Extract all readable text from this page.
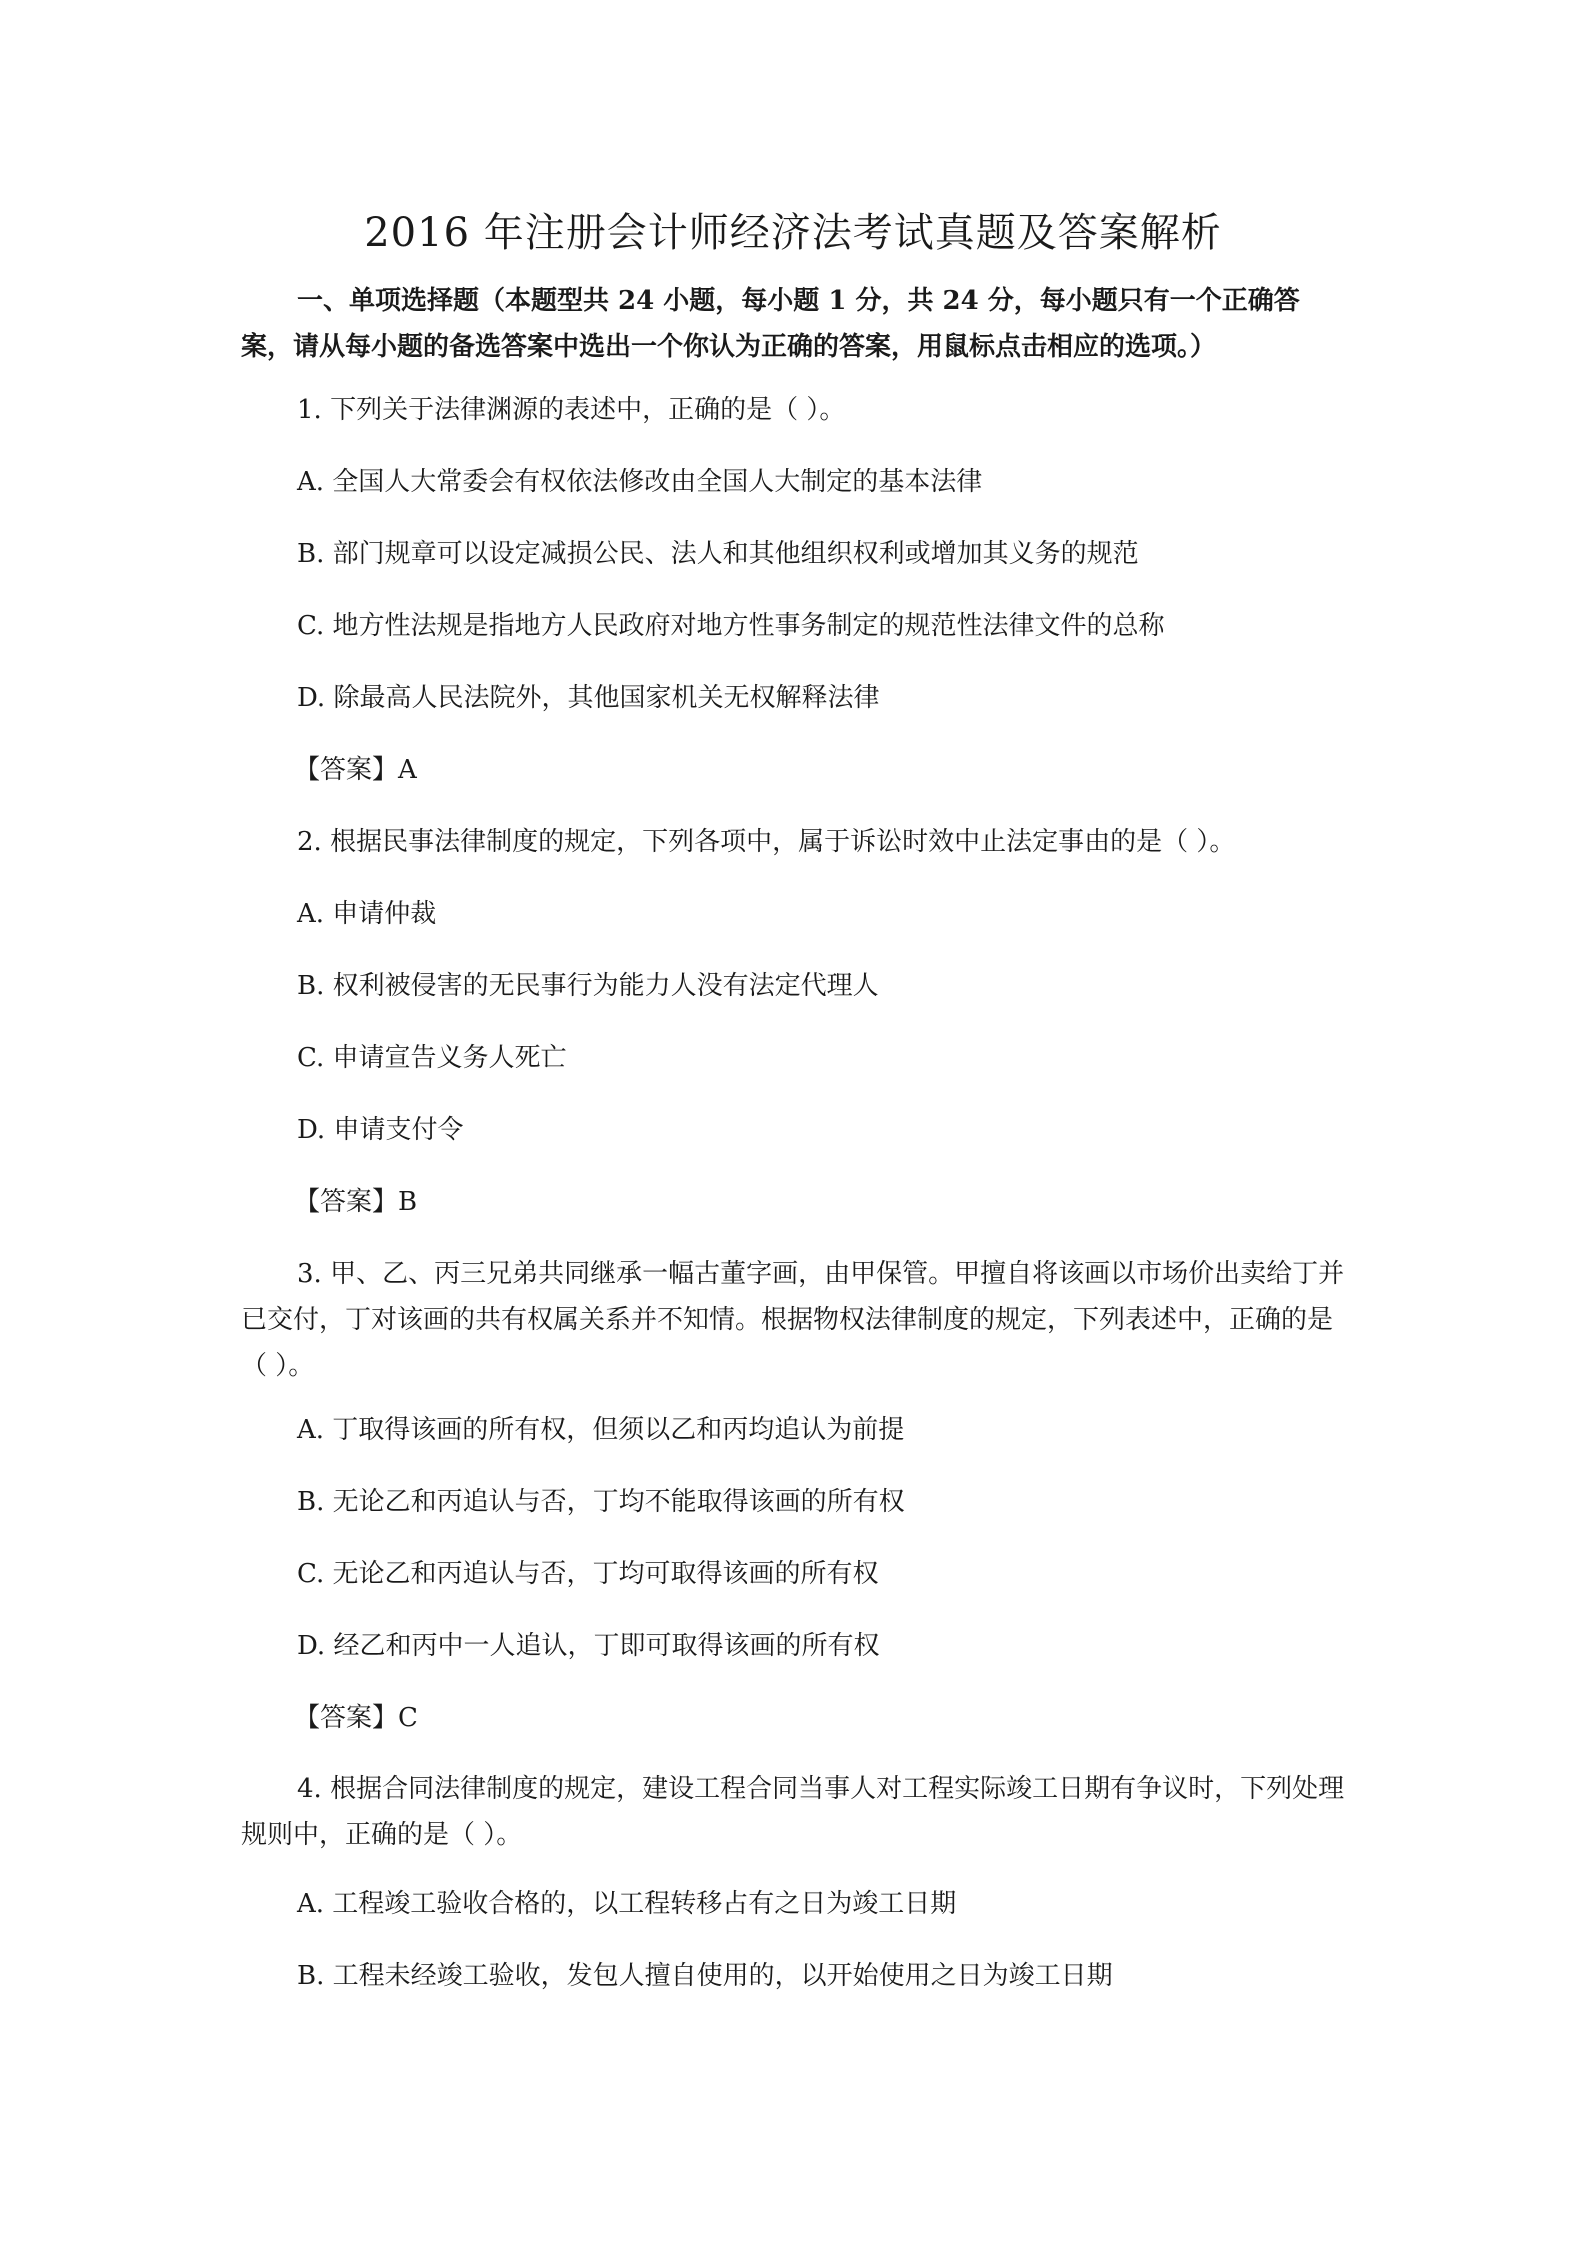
2016 年注册会计师经济法考试真题及答案解析

一、单项选择题（本题型共 24 小题，每小题 1 分，共 24 分，每小题只有一个正确答案，请从每小题的备选答案中选出一个你认为正确的答案，用鼠标点击相应的选项。）

1. 下列关于法律渊源的表述中，正确的是（ ）。

A. 全国人大常委会有权依法修改由全国人大制定的基本法律

B. 部门规章可以设定减损公民、法人和其他组织权利或增加其义务的规范

C. 地方性法规是指地方人民政府对地方性事务制定的规范性法律文件的总称

D. 除最高人民法院外，其他国家机关无权解释法律

【答案】A

2. 根据民事法律制度的规定，下列各项中，属于诉讼时效中止法定事由的是（ ）。

A. 申请仲裁

B. 权利被侵害的无民事行为能力人没有法定代理人

C. 申请宣告义务人死亡

D. 申请支付令

【答案】B

3. 甲、乙、丙三兄弟共同继承一幅古董字画，由甲保管。甲擅自将该画以市场价出卖给丁并已交付，丁对该画的共有权属关系并不知情。根据物权法律制度的规定，下列表述中，正确的是（ ）。

A. 丁取得该画的所有权，但须以乙和丙均追认为前提

B. 无论乙和丙追认与否，丁均不能取得该画的所有权

C. 无论乙和丙追认与否，丁均可取得该画的所有权

D. 经乙和丙中一人追认，丁即可取得该画的所有权

【答案】C

4. 根据合同法律制度的规定，建设工程合同当事人对工程实际竣工日期有争议时，下列处理规则中，正确的是（ ）。

A. 工程竣工验收合格的，以工程转移占有之日为竣工日期

B. 工程未经竣工验收，发包人擅自使用的，以开始使用之日为竣工日期
